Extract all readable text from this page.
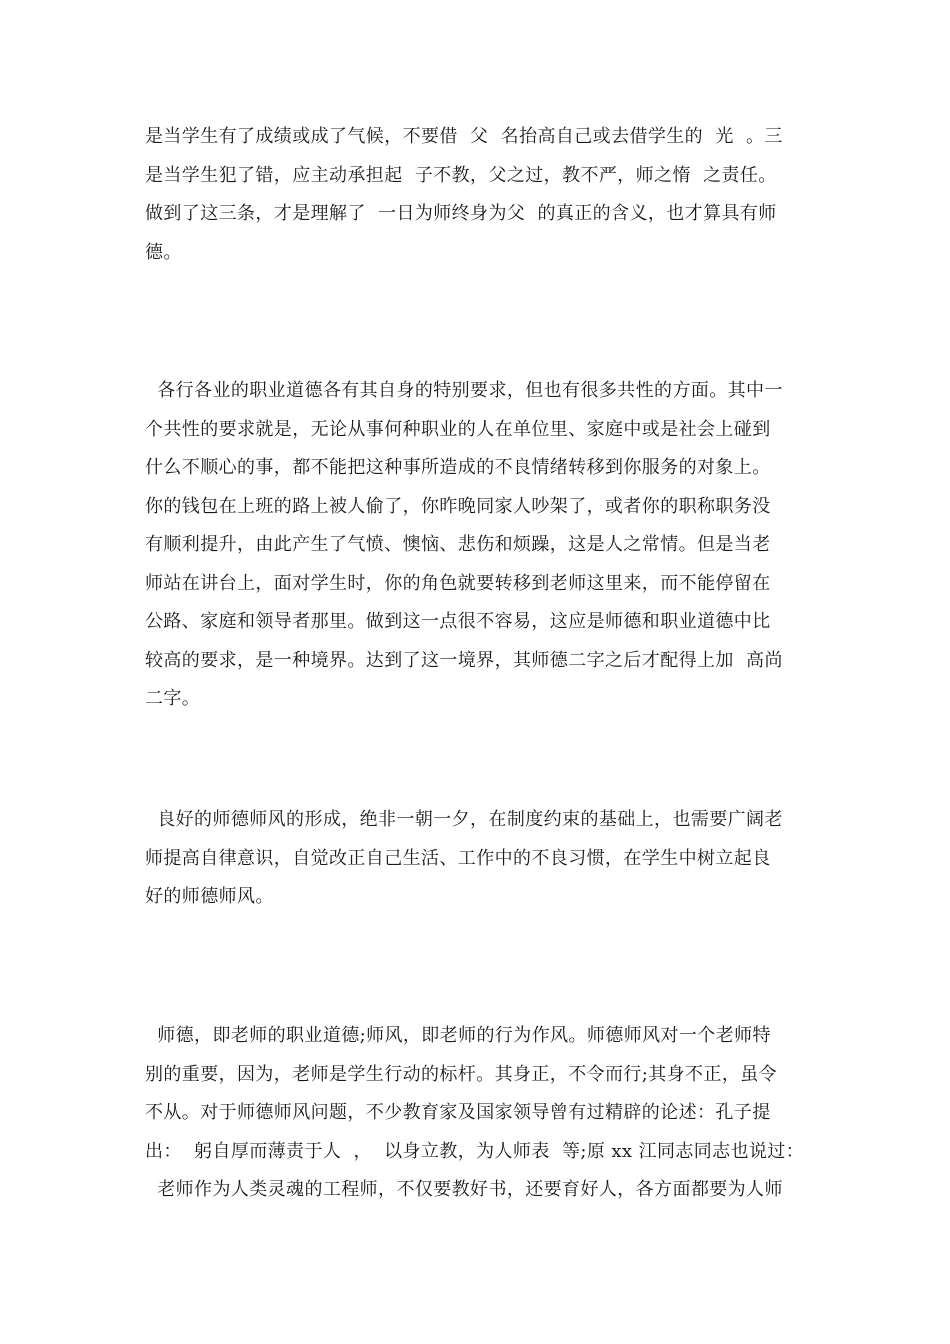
是当学生有了成绩或成了气候，不要借  父  名抬高自己或去借学生的  光  。三
是当学生犯了错，应主动承担起  子不教，父之过，教不严，师之惰  之责任。
做到了这三条，才是理解了  一日为师终身为父  的真正的含义，也才算具有师
德。
各行各业的职业道德各有其自身的特别要求，但也有很多共性的方面。其中一
个共性的要求就是，无论从事何种职业的人在单位里、家庭中或是社会上碰到
什么不顺心的事，都不能把这种事所造成的不良情绪转移到你服务的对象上。
你的钱包在上班的路上被人偷了，你昨晚同家人吵架了，或者你的职称职务没
有顺利提升，由此产生了气愤、懊恼、悲伤和烦躁，这是人之常情。但是当老
师站在讲台上，面对学生时，你的角色就要转移到老师这里来，而不能停留在
公路、家庭和领导者那里。做到这一点很不容易，这应是师德和职业道德中比
较高的要求，是一种境界。达到了这一境界，其师德二字之后才配得上加  高尚
二字。
良好的师德师风的形成，绝非一朝一夕，在制度约束的基础上，也需要广阔老
师提高自律意识，自觉改正自己生活、工作中的不良习惯，在学生中树立起良
好的师德师风。
师德，即老师的职业道德;师风，即老师的行为作风。师德师风对一个老师特
别的重要，因为，老师是学生行动的标杆。其身正，不令而行;其身不正，虽令
不从。对于师德师风问题，不少教育家及国家领导曾有过精辟的论述：孔子提
出：  躬自厚而薄责于人  ，  以身立教，为人师表  等;原 xx 江同志同志也说过：
老师作为人类灵魂的工程师，不仅要教好书，还要育好人，各方面都要为人师
